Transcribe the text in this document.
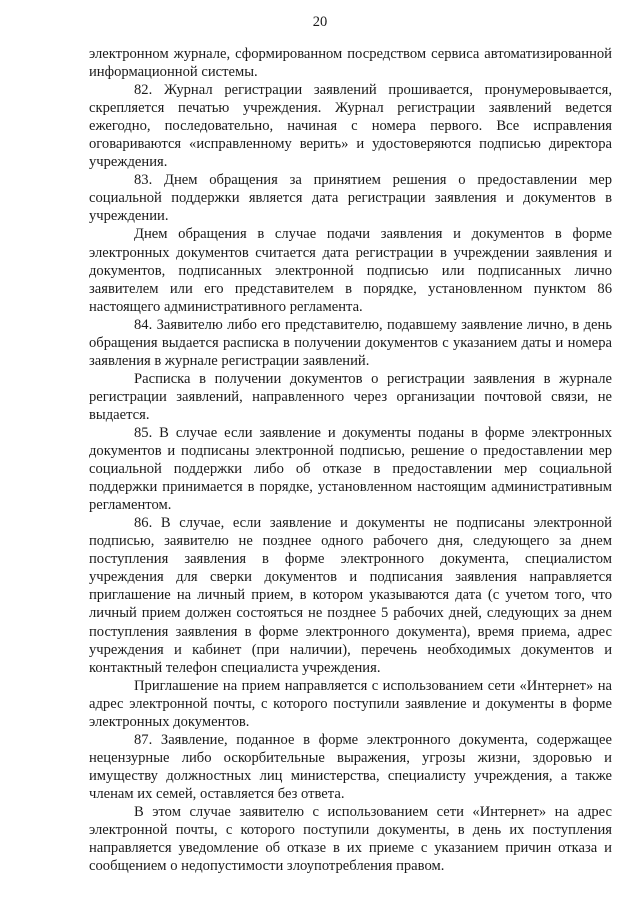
20

электронном журнале, сформированном посредством сервиса автоматизированной информационной системы.

82. Журнал регистрации заявлений прошивается, пронумеровывается, скрепляется печатью учреждения. Журнал регистрации заявлений ведется ежегодно, последовательно, начиная с номера первого. Все исправления оговариваются «исправленному верить» и удостоверяются подписью директора учреждения.

83. Днем обращения за принятием решения о предоставлении мер социальной поддержки является дата регистрации заявления и документов в учреждении.

Днем обращения в случае подачи заявления и документов в форме электронных документов считается дата регистрации в учреждении заявления и документов, подписанных электронной подписью или подписанных лично заявителем или его представителем в порядке, установленном пунктом 86 настоящего административного регламента.

84. Заявителю либо его представителю, подавшему заявление лично, в день обращения выдается расписка в получении документов с указанием даты и номера заявления в журнале регистрации заявлений.

Расписка в получении документов о регистрации заявления в журнале регистрации заявлений, направленного через организации почтовой связи, не выдается.

85. В случае если заявление и документы поданы в форме электронных документов и подписаны электронной подписью, решение о предоставлении мер социальной поддержки либо об отказе в предоставлении мер социальной поддержки принимается в порядке, установленном настоящим административным регламентом.

86. В случае, если заявление и документы не подписаны электронной подписью, заявителю не позднее одного рабочего дня, следующего за днем поступления заявления в форме электронного документа, специалистом учреждения для сверки документов и подписания заявления направляется приглашение на личный прием, в котором указываются дата (с учетом того, что личный прием должен состояться не позднее 5 рабочих дней, следующих за днем поступления заявления в форме электронного документа), время приема, адрес учреждения и кабинет (при наличии), перечень необходимых документов и контактный телефон специалиста учреждения.

Приглашение на прием направляется с использованием сети «Интернет» на адрес электронной почты, с которого поступили заявление и документы в форме электронных документов.

87. Заявление, поданное в форме электронного документа, содержащее нецензурные либо оскорбительные выражения, угрозы жизни, здоровью и имуществу должностных лиц министерства, специалисту учреждения, а также членам их семей, оставляется без ответа.

В этом случае заявителю с использованием сети «Интернет» на адрес электронной почты, с которого поступили документы, в день их поступления направляется уведомление об отказе в их приеме с указанием причин отказа и сообщением о недопустимости злоупотребления правом.
